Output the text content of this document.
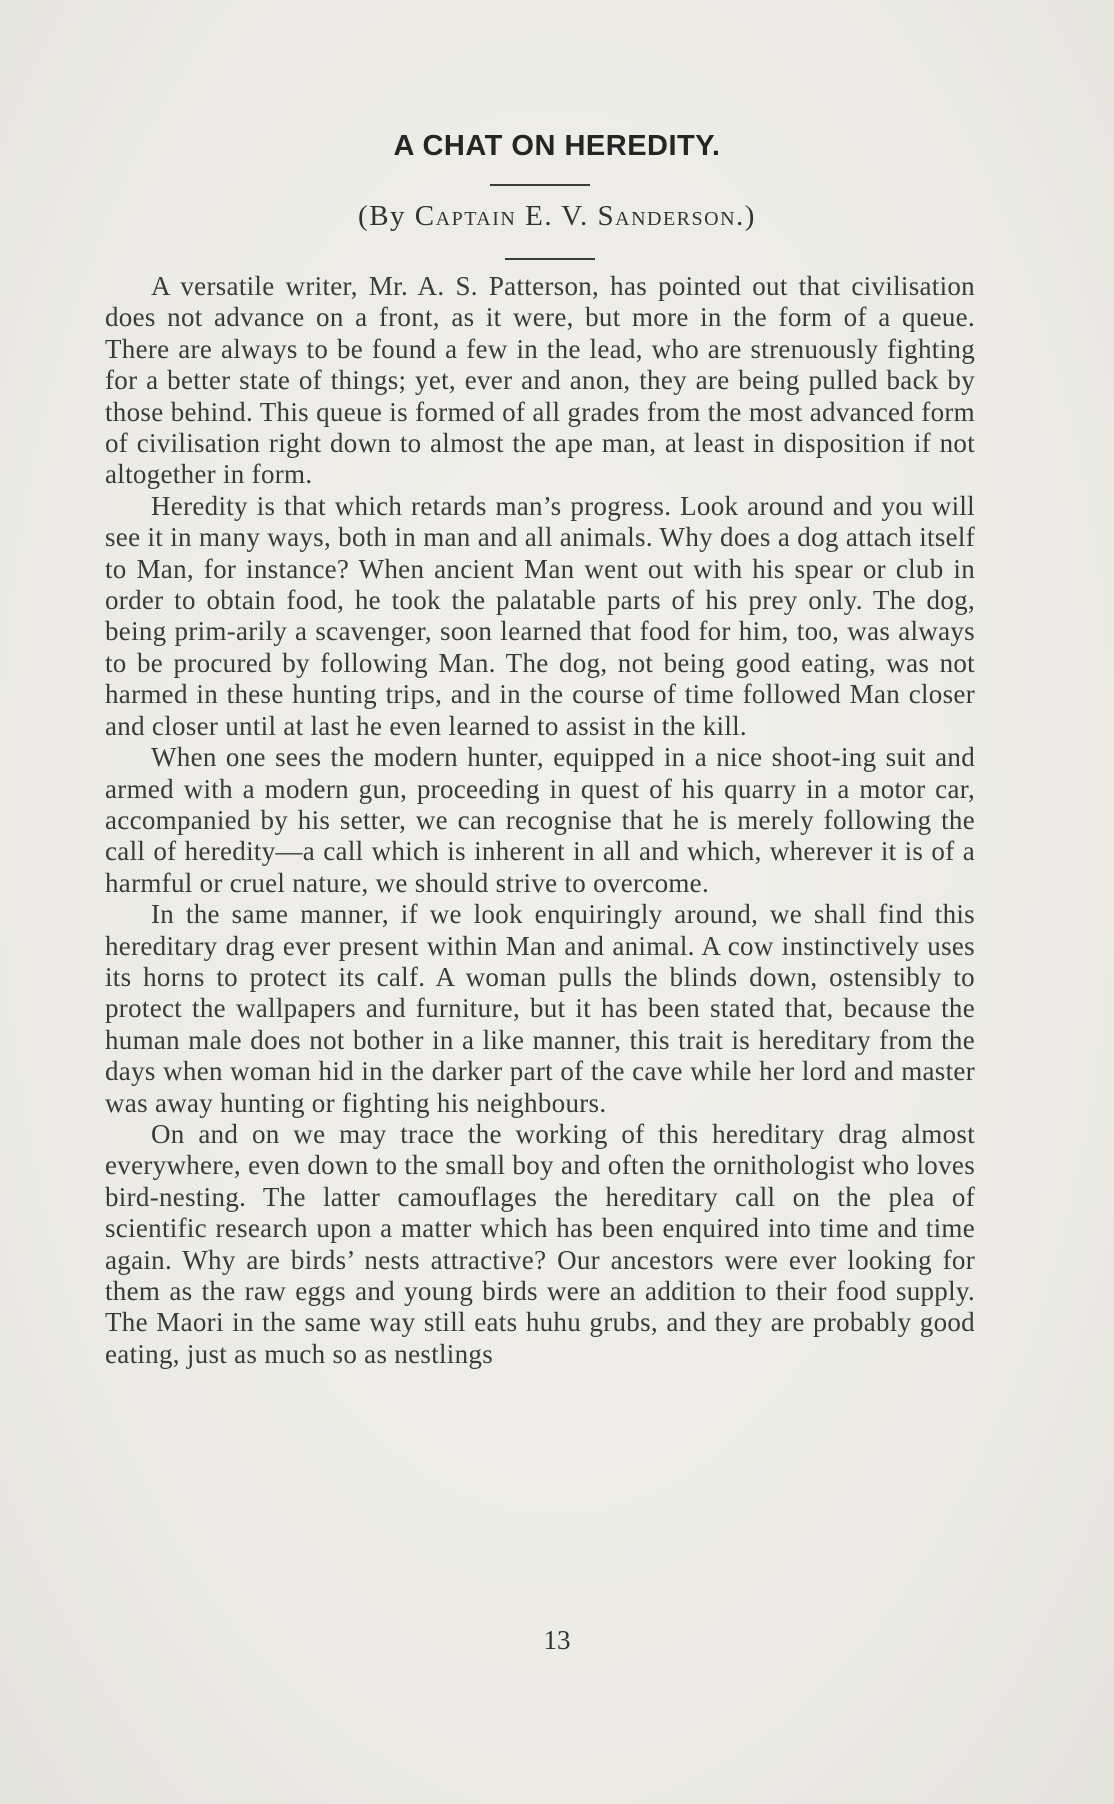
A CHAT ON HEREDITY.
(By Captain E. V. Sanderson.)

A versatile writer, Mr. A. S. Patterson, has pointed out that civilisation does not advance on a front, as it were, but more in the form of a queue. There are always to be found a few in the lead, who are strenuously fighting for a better state of things; yet, ever and anon, they are being pulled back by those behind. This queue is formed of all grades from the most advanced form of civilisation right down to almost the ape man, at least in disposition if not altogether in form.

Heredity is that which retards man’s progress. Look around and you will see it in many ways, both in man and all animals. Why does a dog attach itself to Man, for instance? When ancient Man went out with his spear or club in order to obtain food, he took the palatable parts of his prey only. The dog, being prim-arily a scavenger, soon learned that food for him, too, was always to be procured by following Man. The dog, not being good eating, was not harmed in these hunting trips, and in the course of time followed Man closer and closer until at last he even learned to assist in the kill.

When one sees the modern hunter, equipped in a nice shoot-ing suit and armed with a modern gun, proceeding in quest of his quarry in a motor car, accompanied by his setter, we can recognise that he is merely following the call of heredity—a call which is inherent in all and which, wherever it is of a harmful or cruel nature, we should strive to overcome.

In the same manner, if we look enquiringly around, we shall find this hereditary drag ever present within Man and animal. A cow instinctively uses its horns to protect its calf. A woman pulls the blinds down, ostensibly to protect the wallpapers and furniture, but it has been stated that, because the human male does not bother in a like manner, this trait is hereditary from the days when woman hid in the darker part of the cave while her lord and master was away hunting or fighting his neighbours.

On and on we may trace the working of this hereditary drag almost everywhere, even down to the small boy and often the ornithologist who loves bird-nesting. The latter camouflages the hereditary call on the plea of scientific research upon a matter which has been enquired into time and time again. Why are birds’ nests attractive? Our ancestors were ever looking for them as the raw eggs and young birds were an addition to their food supply. The Maori in the same way still eats huhu grubs, and they are probably good eating, just as much so as nestlings

13
